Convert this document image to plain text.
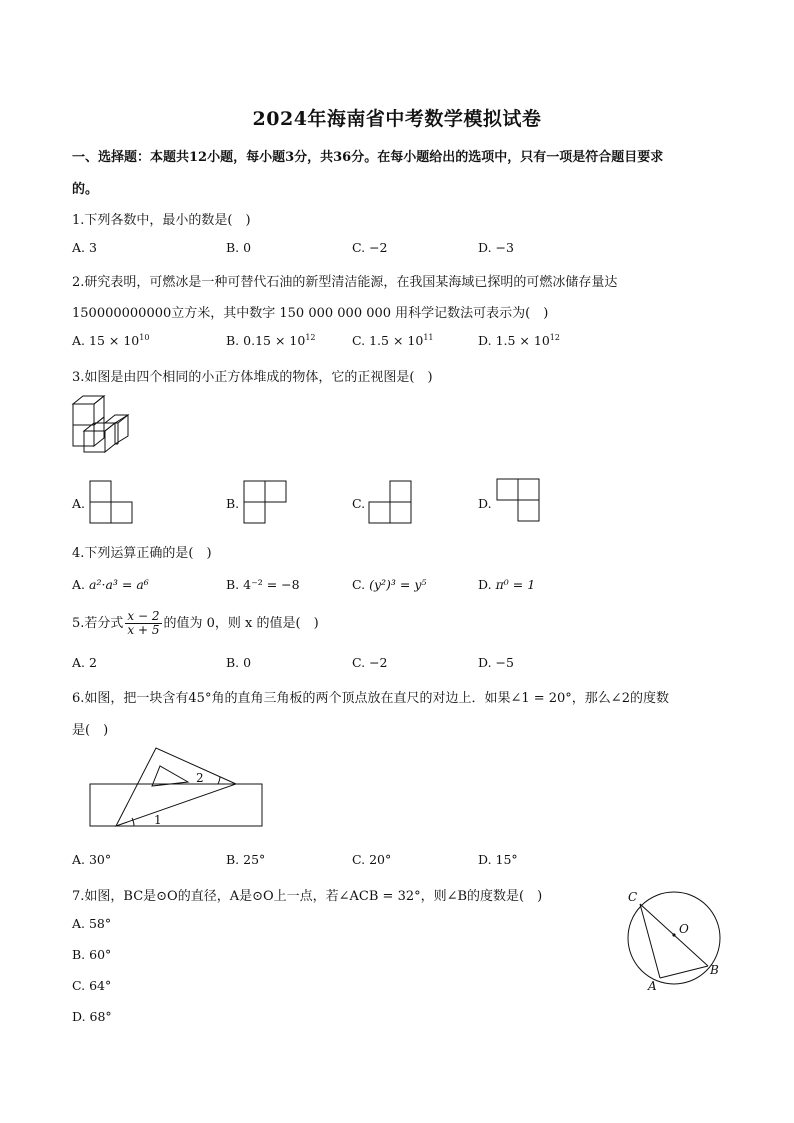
2024年海南省中考数学模拟试卷
一、选择题：本题共12小题，每小题3分，共36分。在每小题给出的选项中，只有一项是符合题目要求
的。
1.下列各数中，最小的数是(　)
A. 3	B. 0	C. −2	D. −3
2.研究表明，可燃冰是一种可替代石油的新型清洁能源，在我国某海域已探明的可燃冰储存量达
150000000000立方米，其中数字 150 000 000 000 用科学记数法可表示为(　)
A. $15 \times 10^{10}$	B. $0.15 \times 10^{12}$	C. $1.5 \times 10^{11}$	D. $1.5 \times 10^{12}$
3.如图是由四个相同的小正方体堆成的物体，它的正视图是(　)
A.	B.	C.	D.
4.下列运算正确的是(　)
A. a²·a³ = a⁶	B. 4⁻² = −8	C. (y²)³ = y⁵	D. π⁰ = 1
5.若分式 $\frac{x - 2}{x + 5}$ 的值为 0，则 x 的值是(　)
A. 2	B. 0	C. −2	D. −5
6.如图，把一块含有45°角的直角三角板的两个顶点放在直尺的对边上．如果∠1 = 20°，那么∠2的度数
是(　)
1
2
A. 30°	B. 25°	C. 20°	D. 15°
7.如图，BC是⊙O的直径，A是⊙O上一点，若∠ACB = 32°，则∠B的度数是(　)
A. 58°
B. 60°
C. 64°
D. 68°
C
O
B
A
